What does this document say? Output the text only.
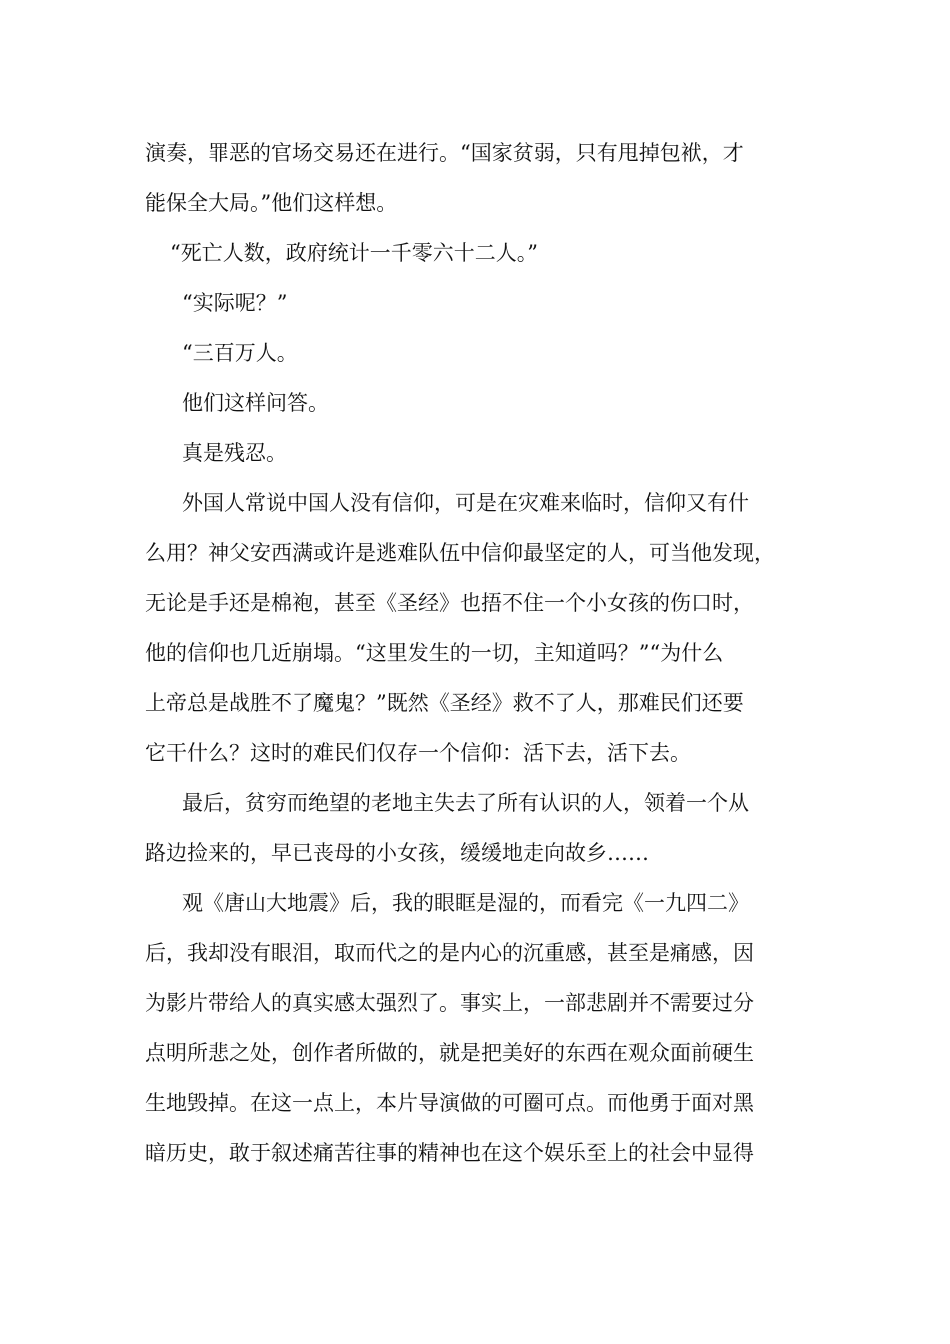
演奏，罪恶的官场交易还在进行。“国家贫弱，只有甩掉包袱，才
能保全大局。”他们这样想。
“死亡人数，政府统计一千零六十二人。”
“实际呢？”
“三百万人。
他们这样问答。
真是残忍。
外国人常说中国人没有信仰，可是在灾难来临时，信仰又有什
么用？神父安西满或许是逃难队伍中信仰最坚定的人，可当他发现，
无论是手还是棉袍，甚至《圣经》也捂不住一个小女孩的伤口时，
他的信仰也几近崩塌。“这里发生的一切，主知道吗？”“为什么
上帝总是战胜不了魔鬼？”既然《圣经》救不了人，那难民们还要
它干什么？这时的难民们仅存一个信仰：活下去，活下去。
最后，贫穷而绝望的老地主失去了所有认识的人，领着一个从
路边捡来的，早已丧母的小女孩，缓缓地走向故乡……
观《唐山大地震》后，我的眼眶是湿的，而看完《一九四二》
后，我却没有眼泪，取而代之的是内心的沉重感，甚至是痛感，因
为影片带给人的真实感太强烈了。事实上，一部悲剧并不需要过分
点明所悲之处，创作者所做的，就是把美好的东西在观众面前硬生
生地毁掉。在这一点上，本片导演做的可圈可点。而他勇于面对黑
暗历史，敢于叙述痛苦往事的精神也在这个娱乐至上的社会中显得
